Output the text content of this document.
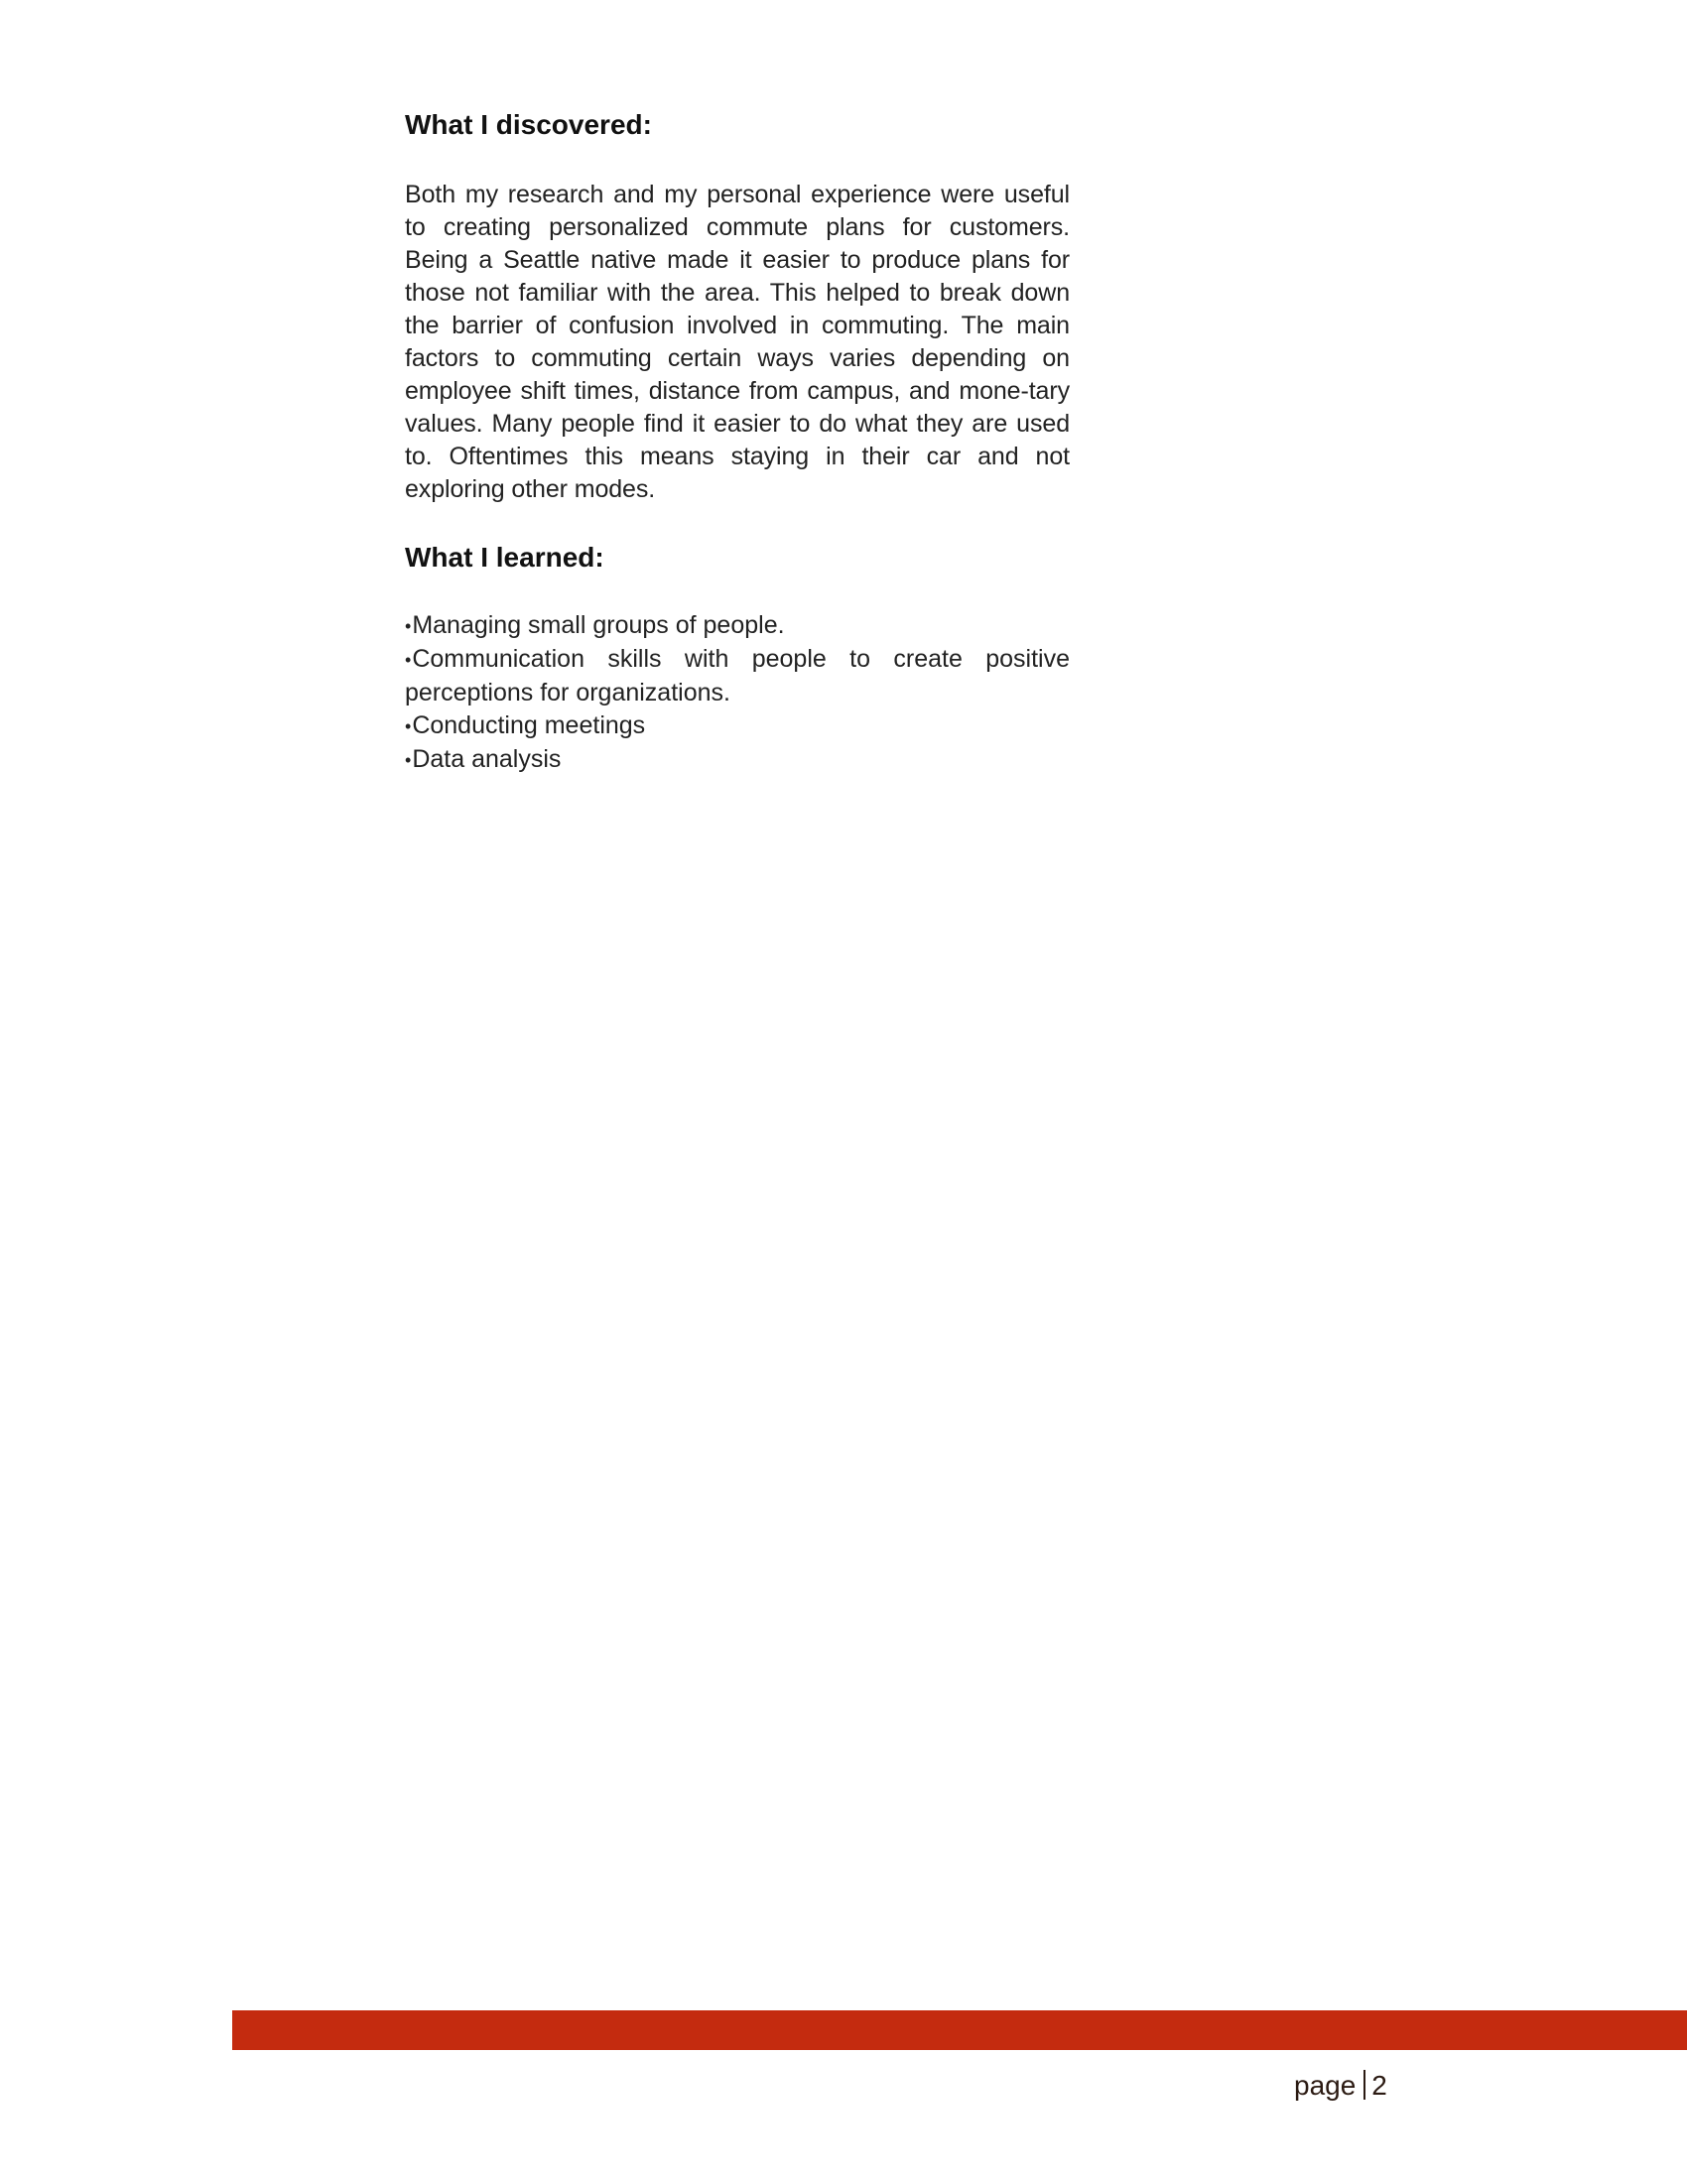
What I discovered:

Both my research and my personal experience were useful to creating personalized commute plans for customers. Being a Seattle native made it easier to produce plans for those not familiar with the area. This helped to break down the barrier of confusion involved in commuting. The main factors to commuting certain ways varies depending on employee shift times, distance from campus, and mone-tary values. Many people find it easier to do what they are used to. Oftentimes this means staying in their car and not exploring other modes.

What I learned:
•Managing small groups of people.
•Communication skills with people to create positive perceptions for organizations.
•Conducting meetings
•Data analysis
page 2
